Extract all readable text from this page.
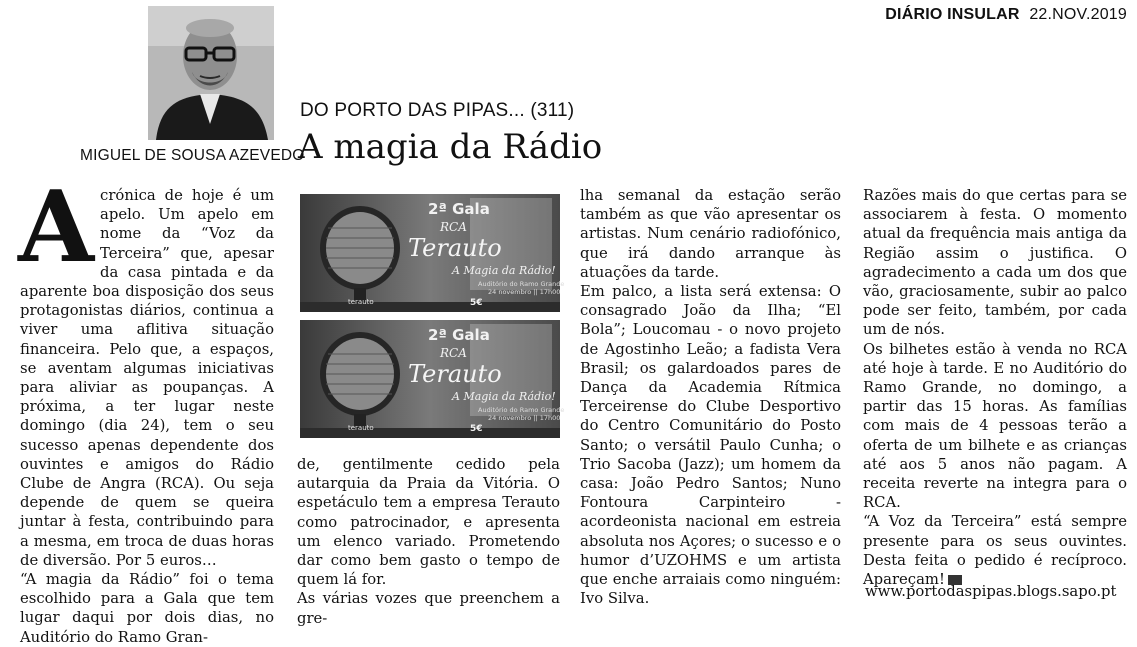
DIÁRIO INSULAR 22.NOV.2019
MIGUEL DE SOUSA AZEVEDO
DO PORTO DAS PIPAS... (311)
A magia da Rádio

A crónica de hoje é um apelo. Um apelo em nome da “Voz da Terceira” que, apesar da casa pintada e da aparente boa disposição dos seus protagonistas diários, continua a viver uma aflitiva situação financeira. Pelo que, a espaços, se aventam algumas iniciativas para aliviar as poupanças. A próxima, a ter lugar neste domingo (dia 24), tem o seu sucesso apenas dependente dos ouvintes e amigos do Rádio Clube de Angra (RCA). Ou seja depende de quem se queira juntar à festa, contribuindo para a mesma, em troca de duas horas de diversão. Por 5 euros…

“A magia da Rádio” foi o tema escolhido para a Gala que tem lugar daqui por dois dias, no Auditório do Ramo Gran-

2ª Gala
RCA
Terauto
A Magia da Rádio!
Auditório do Ramo Grande
24 novembro || 17h00
terauto	5€
2ª Gala
RCA
Terauto
A Magia da Rádio!
Auditório do Ramo Grande
24 novembro || 17h00
terauto	5€

de, gentilmente cedido pela autarquia da Praia da Vitória. O espetáculo tem a empresa Terauto como patrocinador, e apresenta um elenco variado. Prometendo dar como bem gasto o tempo de quem lá for.

As várias vozes que preenchem a gre-

lha semanal da estação serão também as que vão apresentar os artistas. Num cenário radiofónico, que irá dando arranque às atuações da tarde.

Em palco, a lista será extensa: O consagrado João da Ilha; “El Bola”; Loucomau - o novo projeto de Agostinho Leão; a fadista Vera Brasil; os galardoados pares de Dança da Academia Rítmica Terceirense do Clube Desportivo do Centro Comunitário do Posto Santo; o versátil Paulo Cunha; o Trio Sacoba (Jazz); um homem da casa: João Pedro Santos; Nuno Fontoura Carpinteiro - acordeonista nacional em estreia absoluta nos Açores; o sucesso e o humor d’UZOHMS e um artista que enche arraiais como ninguém: Ivo Silva.

Razões mais do que certas para se associarem à festa. O momento atual da frequência mais antiga da Região assim o justifica. O agradecimento a cada um dos que vão, graciosamente, subir ao palco pode ser feito, também, por cada um de nós.

Os bilhetes estão à venda no RCA até hoje à tarde. E no Auditório do Ramo Grande, no domingo, a partir das 15 horas. As famílias com mais de 4 pessoas terão a oferta de um bilhete e as crianças até aos 5 anos não pagam. A receita reverte na integra para o RCA.

“A Voz da Terceira” está sempre presente para os seus ouvintes. Desta feita o pedido é recíproco. Apareçam!

www.portodaspipas.blogs.sapo.pt
